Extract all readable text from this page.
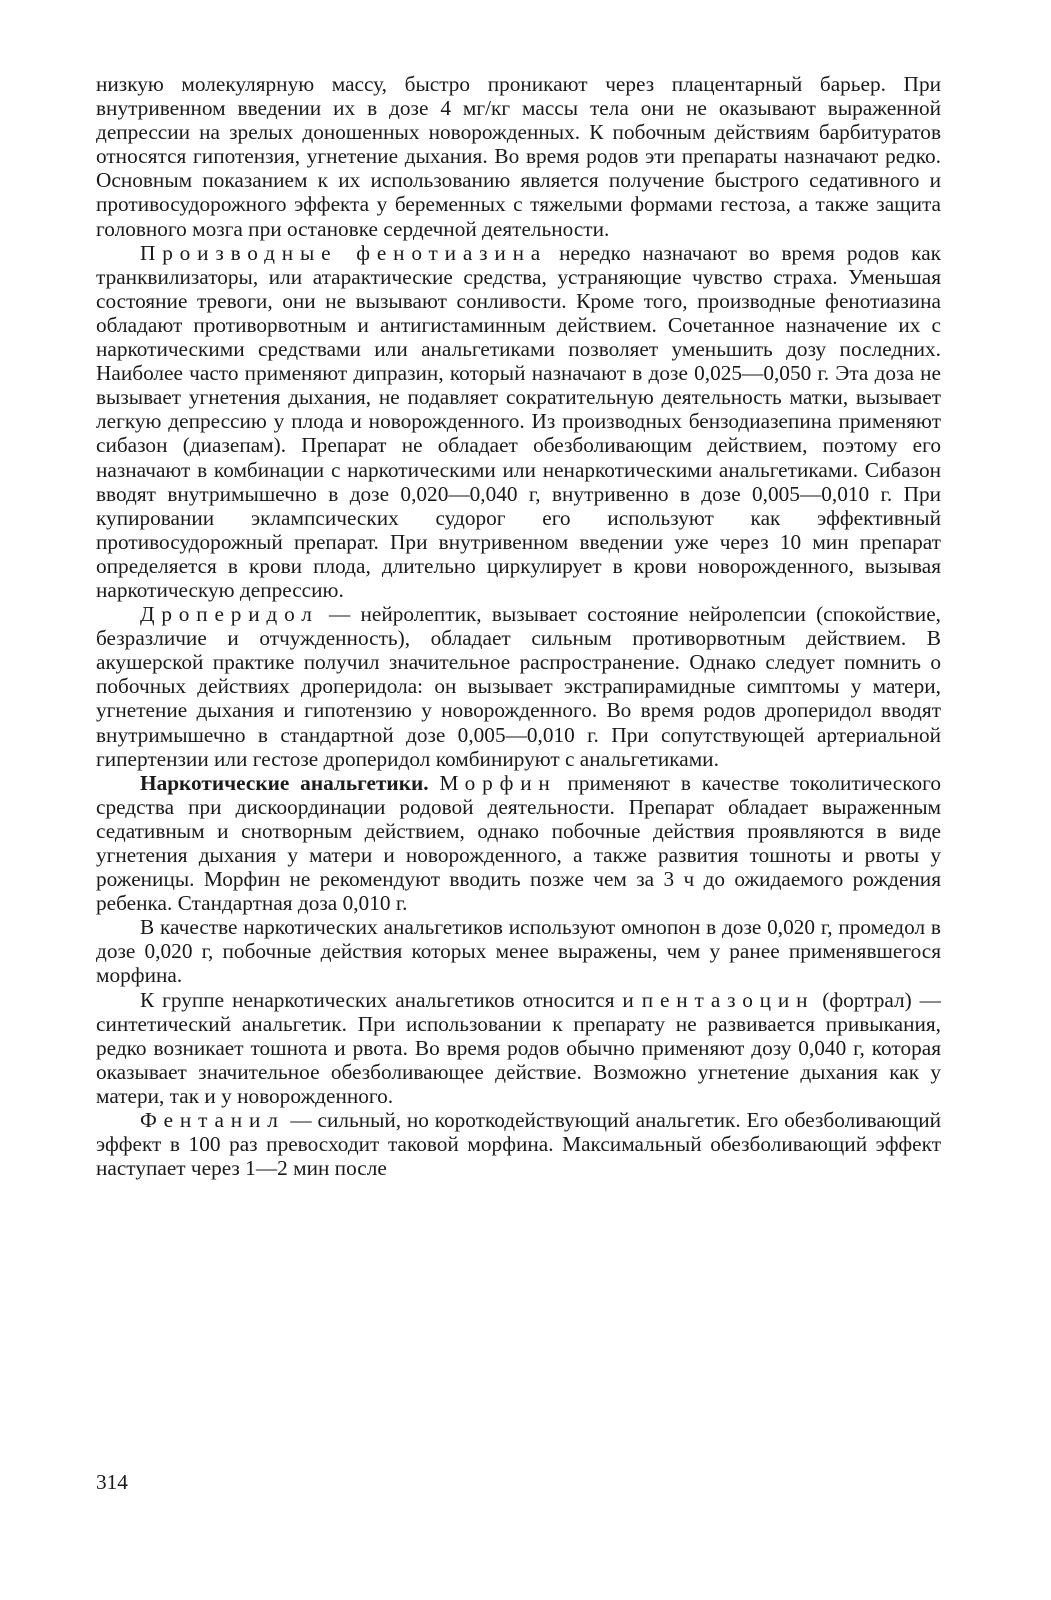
низкую молекулярную массу, быстро проникают через плацентарный барьер. При внутривенном введении их в дозе 4 мг/кг массы тела они не оказывают выраженной депрессии на зрелых доношенных новорожденных. К побочным действиям барбитуратов относятся гипотензия, угнетение дыхания. Во время родов эти препараты назначают редко. Основным показанием к их использованию является получение быстрого седативного и противосудорожного эффекта у беременных с тяжелыми формами гестоза, а также защита головного мозга при остановке сердечной деятельности.

Производные фенотиазина нередко назначают во время родов как транквилизаторы, или атарактические средства, устраняющие чувство страха. Уменьшая состояние тревоги, они не вызывают сонливости. Кроме того, производные фенотиазина обладают противорвотным и антигистаминным действием. Сочетанное назначение их с наркотическими средствами или анальгетиками позволяет уменьшить дозу последних. Наиболее часто применяют дипразин, который назначают в дозе 0,025—0,050 г. Эта доза не вызывает угнетения дыхания, не подавляет сократительную деятельность матки, вызывает легкую депрессию у плода и новорожденного. Из производных бензодиазепина применяют сибазон (диазепам). Препарат не обладает обезболивающим действием, поэтому его назначают в комбинации с наркотическими или ненаркотическими анальгетиками. Сибазон вводят внутримышечно в дозе 0,020—0,040 г, внутривенно в дозе 0,005—0,010 г. При купировании эклампсических судорог его используют как эффективный противосудорожный препарат. При внутривенном введении уже через 10 мин препарат определяется в крови плода, длительно циркулирует в крови новорожденного, вызывая наркотическую депрессию.

Дроперидол — нейролептик, вызывает состояние нейролепсии (спокойствие, безразличие и отчужденность), обладает сильным противорвотным действием. В акушерской практике получил значительное распространение. Однако следует помнить о побочных действиях дроперидола: он вызывает экстрапирамидные симптомы у матери, угнетение дыхания и гипотензию у новорожденного. Во время родов дроперидол вводят внутримышечно в стандартной дозе 0,005—0,010 г. При сопутствующей артериальной гипертензии или гестозе дроперидол комбинируют с анальгетиками.

Наркотические анальгетики. Морфин применяют в качестве токолитического средства при дискоординации родовой деятельности. Препарат обладает выраженным седативным и снотворным действием, однако побочные действия проявляются в виде угнетения дыхания у матери и новорожденного, а также развития тошноты и рвоты у роженицы. Морфин не рекомендуют вводить позже чем за 3 ч до ожидаемого рождения ребенка. Стандартная доза 0,010 г.

В качестве наркотических анальгетиков используют омнопон в дозе 0,020 г, промедол в дозе 0,020 г, побочные действия которых менее выражены, чем у ранее применявшегося морфина.

К группе ненаркотических анальгетиков относится и пентазоцин (фортрал) — синтетический анальгетик. При использовании к препарату не развивается привыкания, редко возникает тошнота и рвота. Во время родов обычно применяют дозу 0,040 г, которая оказывает значительное обезболивающее действие. Возможно угнетение дыхания как у матери, так и у новорожденного.

Фентанил — сильный, но короткодействующий анальгетик. Его обезболивающий эффект в 100 раз превосходит таковой морфина. Максимальный обезболивающий эффект наступает через 1—2 мин после

314
